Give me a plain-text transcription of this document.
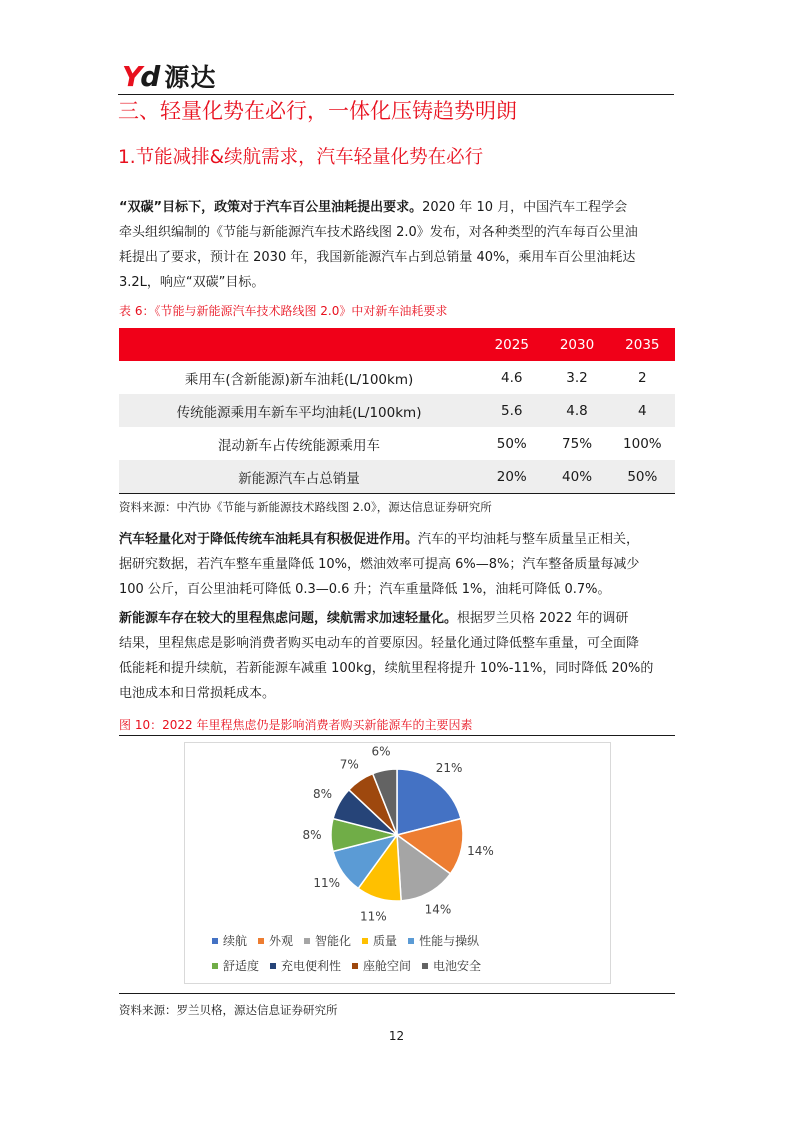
Yd 源达
三、轻量化势在必行，一体化压铸趋势明朗
1.节能减排&续航需求，汽车轻量化势在必行
“双碳”目标下，政策对于汽车百公里油耗提出要求。2020 年 10 月，中国汽车工程学会
牵头组织编制的《节能与新能源汽车技术路线图 2.0》发布，对各种类型的汽车每百公里油
耗提出了要求，预计在 2030 年，我国新能源汽车占到总销量 40%，乘用车百公里油耗达
3.2L，响应“双碳”目标。
表 6：《节能与新能源汽车技术路线图 2.0》中对新车油耗要求
	2025	2030	2035
乘用车(含新能源)新车油耗(L/100km)	4.6	3.2	2
传统能源乘用车新车平均油耗(L/100km)	5.6	4.8	4
混动新车占传统能源乘用车	50%	75%	100%
新能源汽车占总销量	20%	40%	50%
资料来源：中汽协《节能与新能源技术路线图 2.0》，源达信息证券研究所
汽车轻量化对于降低传统车油耗具有积极促进作用。汽车的平均油耗与整车质量呈正相关，
据研究数据，若汽车整车重量降低 10%，燃油效率可提高 6%—8%；汽车整备质量每减少
100 公斤，百公里油耗可降低 0.3—0.6 升；汽车重量降低 1%，油耗可降低 0.7%。
新能源车存在较大的里程焦虑问题，续航需求加速轻量化。根据罗兰贝格 2022 年的调研
结果，里程焦虑是影响消费者购买电动车的首要原因。轻量化通过降低整车重量，可全面降
低能耗和提升续航，若新能源车减重 100kg，续航里程将提升 10%-11%，同时降低 20%的
电池成本和日常损耗成本。
图 10：2022 年里程焦虑仍是影响消费者购买新能源车的主要因素
21%
14%
14%
11%
11%
8%
8%
7%
6%
续航 外观 智能化 质量 性能与操纵
舒适度 充电便利性 座舱空间 电池安全
资料来源：罗兰贝格，源达信息证券研究所
12
